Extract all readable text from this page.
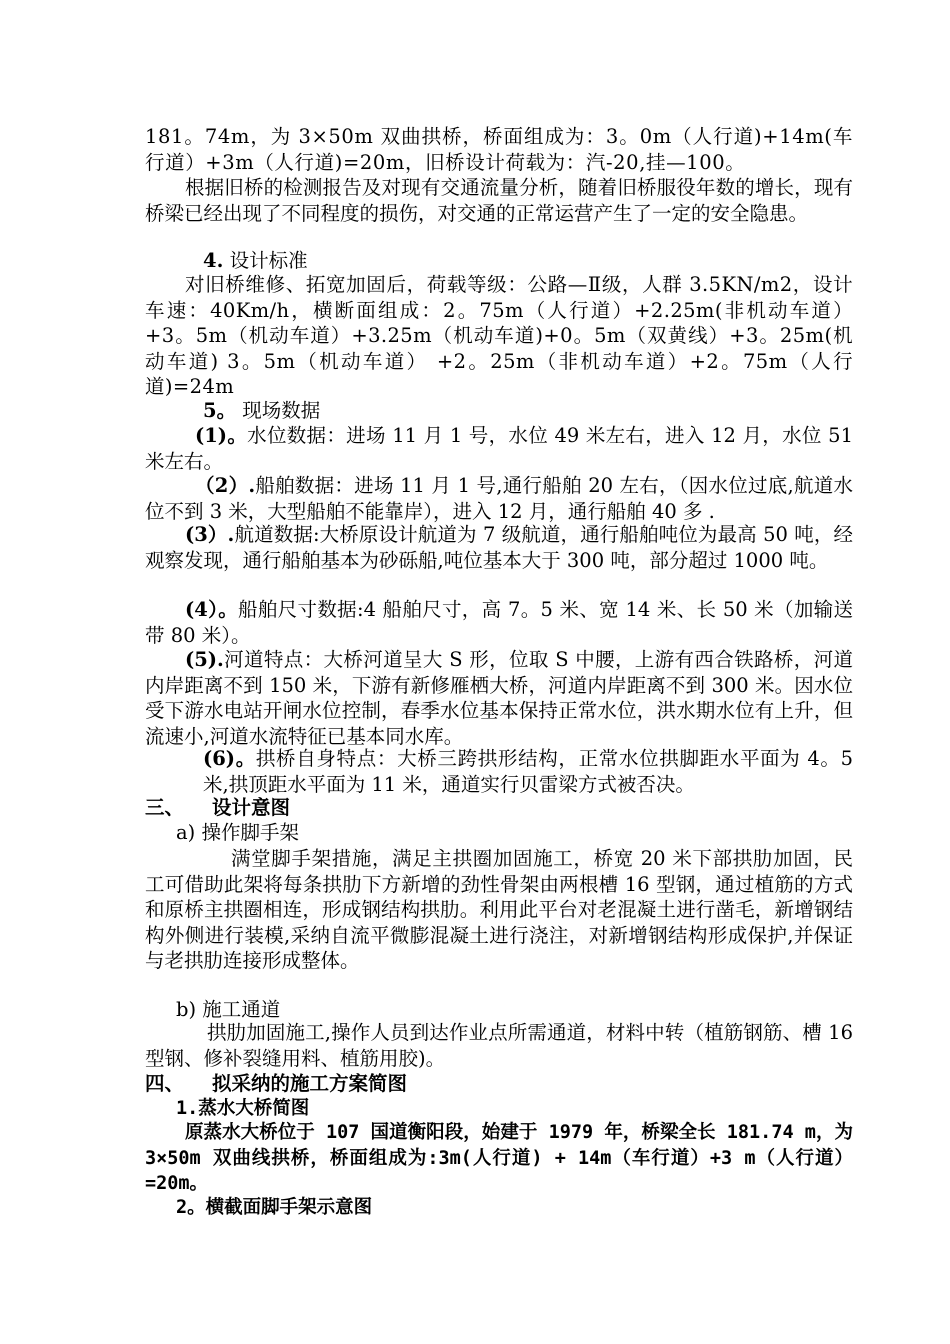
181。74m，为 3×50m 双曲拱桥，桥面组成为：3。0m（人行道)+14m(车行道）+3m（人行道)=20m，旧桥设计荷载为：汽-20,挂—100。

根据旧桥的检测报告及对现有交通流量分析，随着旧桥服役年数的增长，现有桥梁已经出现了不同程度的损伤，对交通的正常运营产生了一定的安全隐患。

4. 设计标准

对旧桥维修、拓宽加固后，荷载等级：公路—Ⅱ级，人群 3.5KN/m2，设计车速：40Km/h，横断面组成：2。75m（人行道）+2.25m(非机动车道）+3。5m（机动车道）+3.25m（机动车道)+0。5m（双黄线）+3。25m(机动车道) 3。5m（机动车道） +2。25m（非机动车道）+2。75m（人行道)=24m

5。 现场数据

(1)。水位数据：进场 11 月 1 号，水位 49 米左右，进入 12 月，水位 51 米左右。

（2）.船舶数据：进场 11 月 1 号,通行船舶 20 左右，（因水位过底,航道水位不到 3 米，大型船舶不能靠岸），进入 12 月，通行船舶 40 多 .

(3）.航道数据:大桥原设计航道为 7 级航道，通行船舶吨位为最高 50 吨，经观察发现，通行船舶基本为砂砾船,吨位基本大于 300 吨，部分超过 1000 吨。

(4）。船舶尺寸数据:4 船舶尺寸，高 7。5 米、宽 14 米、长 50 米（加输送带 80 米）。

(5).河道特点：大桥河道呈大 S 形，位取 S 中腰，上游有西合铁路桥，河道内岸距离不到 150 米，下游有新修雁栖大桥，河道内岸距离不到 300 米。因水位受下游水电站开闸水位控制，春季水位基本保持正常水位，洪水期水位有上升，但流速小,河道水流特征已基本同水库。

(6)。拱桥自身特点：大桥三跨拱形结构，正常水位拱脚距水平面为 4。5 米,拱顶距水平面为 11 米，通道实行贝雷梁方式被否决。

三、 设计意图
a) 操作脚手架

满堂脚手架措施，满足主拱圈加固施工，桥宽 20 米下部拱肋加固，民工可借助此架将每条拱肋下方新增的劲性骨架由两根槽 16 型钢，通过植筋的方式和原桥主拱圈相连，形成钢结构拱肋。利用此平台对老混凝土进行凿毛，新增钢结构外侧进行装模,采纳自流平微膨混凝土进行浇注，对新增钢结构形成保护,并保证与老拱肋连接形成整体。

b) 施工通道

拱肋加固施工,操作人员到达作业点所需通道，材料中转（植筋钢筋、槽 16 型钢、修补裂缝用料、植筋用胶)。

四、 拟采纳的施工方案简图
1.蒸水大桥简图

原蒸水大桥位于 107 国道衡阳段，始建于 1979 年，桥梁全长 181.74 m，为 3×50m 双曲线拱桥，桥面组成为:3m(人行道) + 14m（车行道）+3 m（人行道）=20m。

2。横截面脚手架示意图
